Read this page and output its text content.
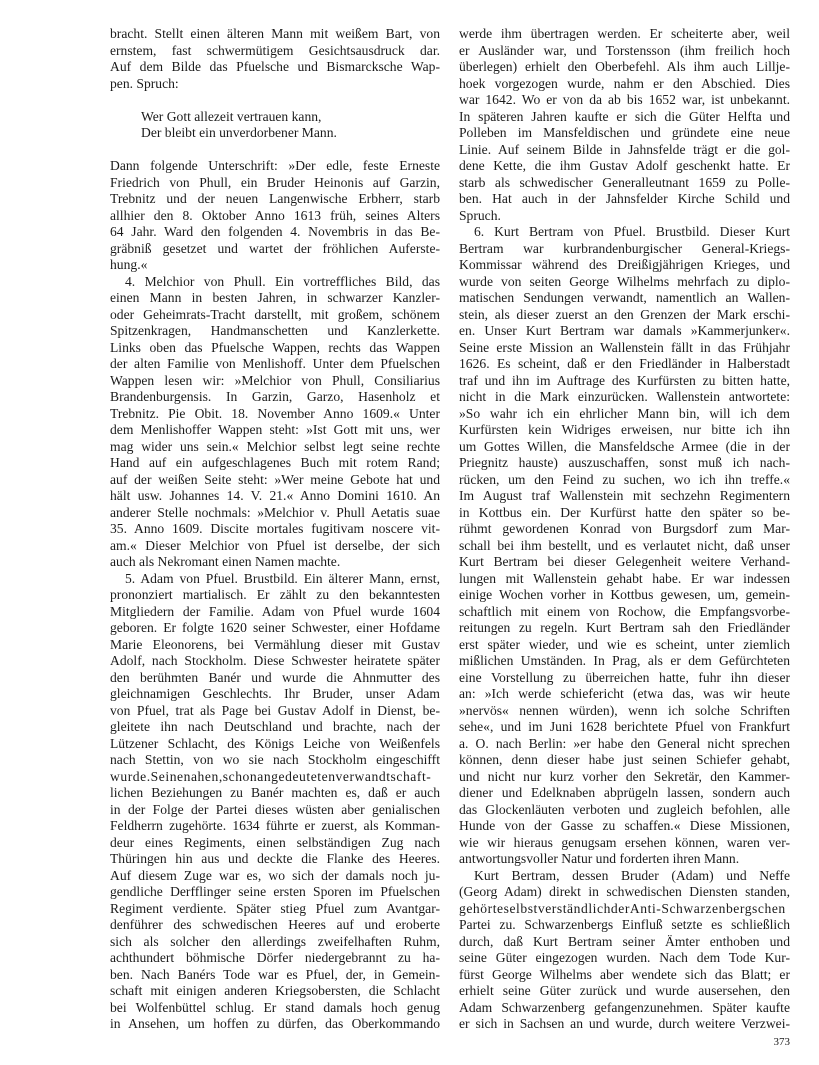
bracht. Stellt einen älteren Mann mit weißem Bart, von
ernstem, fast schwermütigem Gesichtsausdruck dar.
Auf dem Bilde das Pfuelsche und Bismarcksche Wap-
pen. Spruch:
Wer Gott allezeit vertrauen kann,
Der bleibt ein unverdorbener Mann.
Dann folgende Unterschrift: »Der edle, feste Erneste
Friedrich von Phull, ein Bruder Heinonis auf Garzin,
Trebnitz und der neuen Langenwische Erbherr, starb
allhier den 8. Oktober Anno 1613 früh, seines Alters
64 Jahr. Ward den folgenden 4. Novembris in das Be-
gräbniß gesetzet und wartet der fröhlichen Auferste-
hung.«
4. Melchior von Phull. Ein vortreffliches Bild, das
einen Mann in besten Jahren, in schwarzer Kanzler-
oder Geheimrats-Tracht darstellt, mit großem, schönem
Spitzenkragen, Handmanschetten und Kanzlerkette.
Links oben das Pfuelsche Wappen, rechts das Wappen
der alten Familie von Menlishoff. Unter dem Pfuelschen
Wappen lesen wir: »Melchior von Phull, Consiliarius
Brandenburgensis. In Garzin, Garzo, Hasenholz et
Trebnitz. Pie Obit. 18. November Anno 1609.« Unter
dem Menlishoffer Wappen steht: »Ist Gott mit uns, wer
mag wider uns sein.« Melchior selbst legt seine rechte
Hand auf ein aufgeschlagenes Buch mit rotem Rand;
auf der weißen Seite steht: »Wer meine Gebote hat und
hält usw. Johannes 14. V. 21.« Anno Domini 1610. An
anderer Stelle nochmals: »Melchior v. Phull Aetatis suae
35. Anno 1609. Discite mortales fugitivam noscere vit-
am.« Dieser Melchior von Pfuel ist derselbe, der sich
auch als Nekromant einen Namen machte.
5. Adam von Pfuel. Brustbild. Ein älterer Mann, ernst,
prononziert martialisch. Er zählt zu den bekanntesten
Mitgliedern der Familie. Adam von Pfuel wurde 1604
geboren. Er folgte 1620 seiner Schwester, einer Hofdame
Marie Eleonorens, bei Vermählung dieser mit Gustav
Adolf, nach Stockholm. Diese Schwester heiratete später
den berühmten Banér und wurde die Ahnmutter des
gleichnamigen Geschlechts. Ihr Bruder, unser Adam
von Pfuel, trat als Page bei Gustav Adolf in Dienst, be-
gleitete ihn nach Deutschland und brachte, nach der
Lützener Schlacht, des Königs Leiche von Weißenfels
nach Stettin, von wo sie nach Stockholm eingeschifft
wurde.Seinenahen,schonangedeutetenverwandtschaft-
lichen Beziehungen zu Banér machten es, daß er auch
in der Folge der Partei dieses wüsten aber genialischen
Feldherrn zugehörte. 1634 führte er zuerst, als Komman-
deur eines Regiments, einen selbständigen Zug nach
Thüringen hin aus und deckte die Flanke des Heeres.
Auf diesem Zuge war es, wo sich der damals noch ju-
gendliche Derfflinger seine ersten Sporen im Pfuelschen
Regiment verdiente. Später stieg Pfuel zum Avantgar-
denführer des schwedischen Heeres auf und eroberte
sich als solcher den allerdings zweifelhaften Ruhm,
achthundert böhmische Dörfer niedergebrannt zu ha-
ben. Nach Banérs Tode war es Pfuel, der, in Gemein-
schaft mit einigen anderen Kriegsobersten, die Schlacht
bei Wolfenbüttel schlug. Er stand damals hoch genug
in Ansehen, um hoffen zu dürfen, das Oberkommando
werde ihm übertragen werden. Er scheiterte aber, weil
er Ausländer war, und Torstensson (ihm freilich hoch
überlegen) erhielt den Oberbefehl. Als ihm auch Lillje-
hoek vorgezogen wurde, nahm er den Abschied. Dies
war 1642. Wo er von da ab bis 1652 war, ist unbekannt.
In späteren Jahren kaufte er sich die Güter Helfta und
Polleben im Mansfeldischen und gründete eine neue
Linie. Auf seinem Bilde in Jahnsfelde trägt er die gol-
dene Kette, die ihm Gustav Adolf geschenkt hatte. Er
starb als schwedischer Generalleutnant 1659 zu Polle-
ben. Hat auch in der Jahnsfelder Kirche Schild und
Spruch.
6. Kurt Bertram von Pfuel. Brustbild. Dieser Kurt
Bertram war kurbrandenburgischer General-Kriegs-
Kommissar während des Dreißigjährigen Krieges, und
wurde von seiten George Wilhelms mehrfach zu diplo-
matischen Sendungen verwandt, namentlich an Wallen-
stein, als dieser zuerst an den Grenzen der Mark erschi-
en. Unser Kurt Bertram war damals »Kammerjunker«.
Seine erste Mission an Wallenstein fällt in das Frühjahr
1626. Es scheint, daß er den Friedländer in Halberstadt
traf und ihn im Auftrage des Kurfürsten zu bitten hatte,
nicht in die Mark einzurücken. Wallenstein antwortete:
»So wahr ich ein ehrlicher Mann bin, will ich dem
Kurfürsten kein Widriges erweisen, nur bitte ich ihn
um Gottes Willen, die Mansfeldsche Armee (die in der
Priegnitz hauste) auszuschaffen, sonst muß ich nach-
rücken, um den Feind zu suchen, wo ich ihn treffe.«
Im August traf Wallenstein mit sechzehn Regimentern
in Kottbus ein. Der Kurfürst hatte den später so be-
rühmt gewordenen Konrad von Burgsdorf zum Mar-
schall bei ihm bestellt, und es verlautet nicht, daß unser
Kurt Bertram bei dieser Gelegenheit weitere Verhand-
lungen mit Wallenstein gehabt habe. Er war indessen
einige Wochen vorher in Kottbus gewesen, um, gemein-
schaftlich mit einem von Rochow, die Empfangsvorbe-
reitungen zu regeln. Kurt Bertram sah den Friedländer
erst später wieder, und wie es scheint, unter ziemlich
mißlichen Umständen. In Prag, als er dem Gefürchteten
eine Vorstellung zu überreichen hatte, fuhr ihn dieser
an: »Ich werde schiefericht (etwa das, was wir heute
»nervös« nennen würden), wenn ich solche Schriften
sehe«, und im Juni 1628 berichtete Pfuel von Frankfurt
a. O. nach Berlin: »er habe den General nicht sprechen
können, denn dieser habe just seinen Schiefer gehabt,
und nicht nur kurz vorher den Sekretär, den Kammer-
diener und Edelknaben abprügeln lassen, sondern auch
das Glockenläuten verboten und zugleich befohlen, alle
Hunde von der Gasse zu schaffen.« Diese Missionen,
wie wir hieraus genugsam ersehen können, waren ver-
antwortungsvoller Natur und forderten ihren Mann.
Kurt Bertram, dessen Bruder (Adam) und Neffe
(Georg Adam) direkt in schwedischen Diensten standen,
gehörteselbstverständlichderAnti-Schwarzenbergschen
Partei zu. Schwarzenbergs Einfluß setzte es schließlich
durch, daß Kurt Bertram seiner Ämter enthoben und
seine Güter eingezogen wurden. Nach dem Tode Kur-
fürst George Wilhelms aber wendete sich das Blatt; er
erhielt seine Güter zurück und wurde ausersehen, den
Adam Schwarzenberg gefangenzunehmen. Später kaufte
er sich in Sachsen an und wurde, durch weitere Verzwei-
373
